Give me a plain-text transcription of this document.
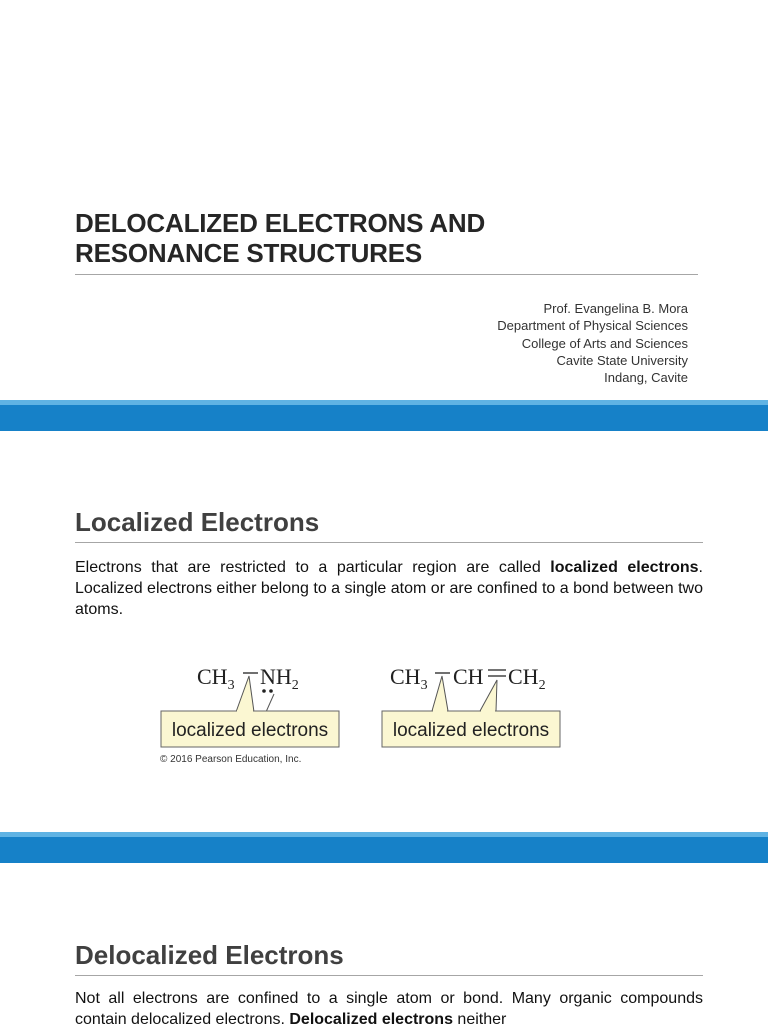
DELOCALIZED ELECTRONS AND
RESONANCE STRUCTURES
Prof. Evangelina B. Mora
Department of Physical Sciences
College of Arts and Sciences
Cavite State University
Indang, Cavite
Localized Electrons
Electrons that are restricted to a particular region are called localized electrons. Localized electrons either belong to a single atom or are confined to a bond between two atoms.
$CH_3$ $NH_2$
localized electrons
© 2016 Pearson Education, Inc.
$CH_3$ CH $CH_2$
localized electrons
Delocalized Electrons
Not all electrons are confined to a single atom or bond. Many organic compounds contain delocalized electrons. Delocalized electrons neither
